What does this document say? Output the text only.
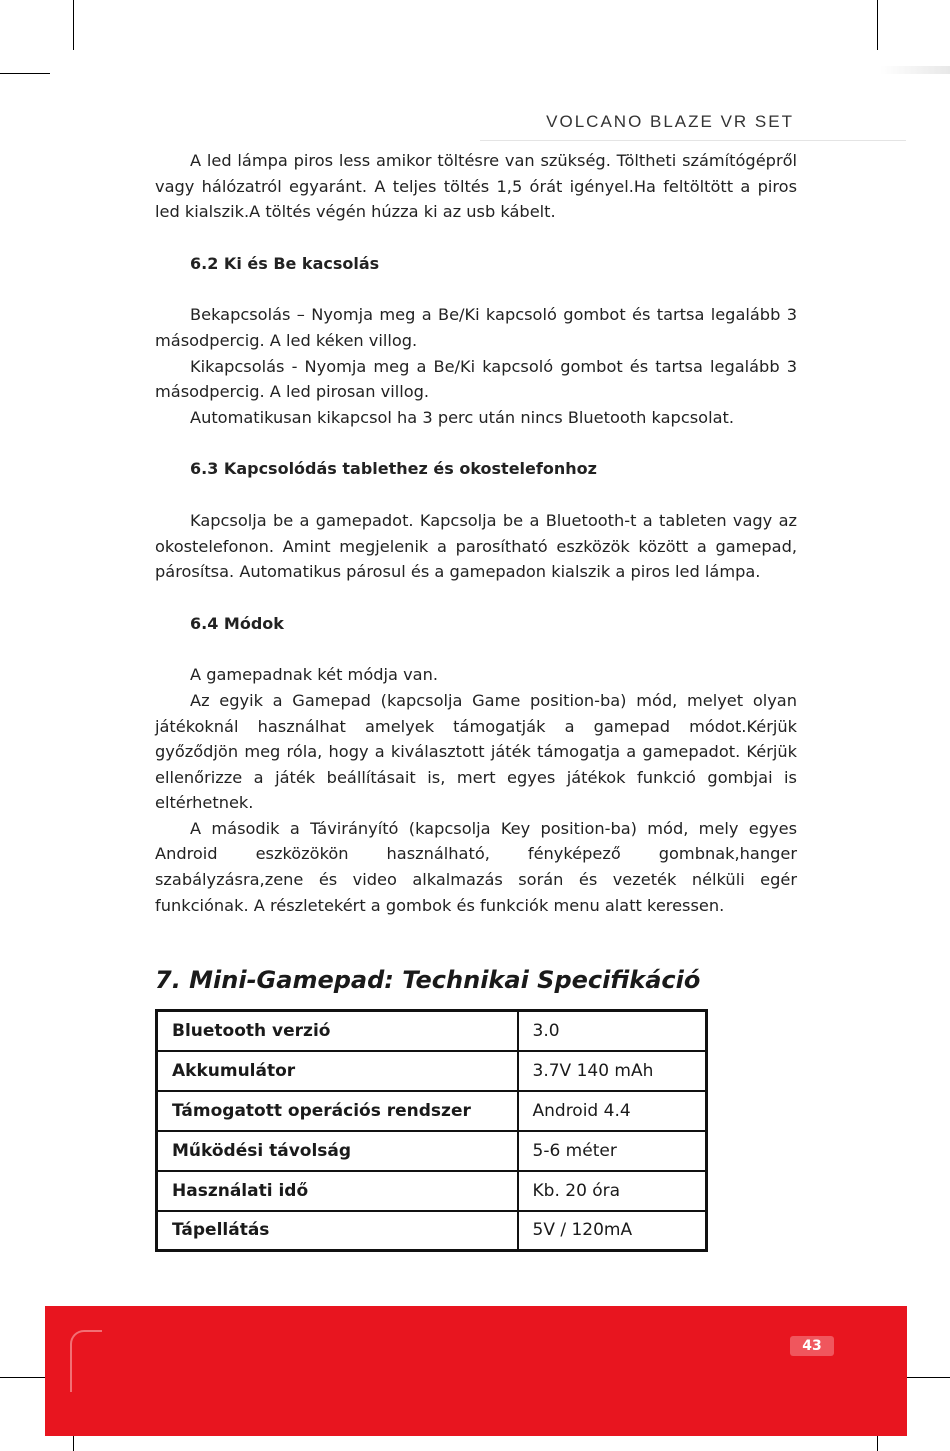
VOLCANO BLAZE VR SET

A led lámpa piros less amikor töltésre van szükség. Töltheti számítógépről vagy hálózatról egyaránt. A teljes töltés 1,5 órát igényel.Ha feltöltött a piros led kialszik.A töltés végén húzza ki az usb kábelt.

6.2 Ki és Be kacsolás

Bekapcsolás – Nyomja meg a Be/Ki kapcsoló gombot és tartsa legalább 3 másodpercig. A led kéken villog.

Kikapcsolás - Nyomja meg a Be/Ki kapcsoló gombot és tartsa legalább 3 másodpercig. A led pirosan villog.

Automatikusan kikapcsol ha 3 perc után nincs Bluetooth kapcsolat.

6.3 Kapcsolódás tablethez és okostelefonhoz

Kapcsolja be a gamepadot. Kapcsolja be a Bluetooth-t a tableten vagy az okostelefonon. Amint megjelenik a parosítható eszközök között a gamepad, párosítsa. Automatikus párosul és a gamepadon kialszik a piros led lámpa.

6.4 Módok

A gamepadnak két módja van.

Az egyik a Gamepad (kapcsolja Game position-ba) mód, melyet olyan játékoknál használhat amelyek támogatják a gamepad módot.Kérjük győződjön meg róla, hogy a kiválasztott játék támogatja a gamepadot. Kérjük ellenőrizze a játék beállításait is, mert egyes játékok funkció gombjai is eltérhetnek.

A második a Távirányító (kapcsolja Key position-ba) mód, mely egyes Android eszközökön használható, fényképező gombnak,hanger szabályzásra,zene és video alkalmazás során és vezeték nélküli egér funkciónak. A részletekért a gombok és funkciók menu alatt keressen.

7. Mini-Gamepad: Technikai Specifikáció
Bluetooth verzió	3.0
Akkumulátor	3.7V 140 mAh
Támogatott operációs rendszer	Android 4.4
Működési távolság	5-6 méter
Használati idő	Kb. 20 óra
Tápellátás	5V / 120mA
43
